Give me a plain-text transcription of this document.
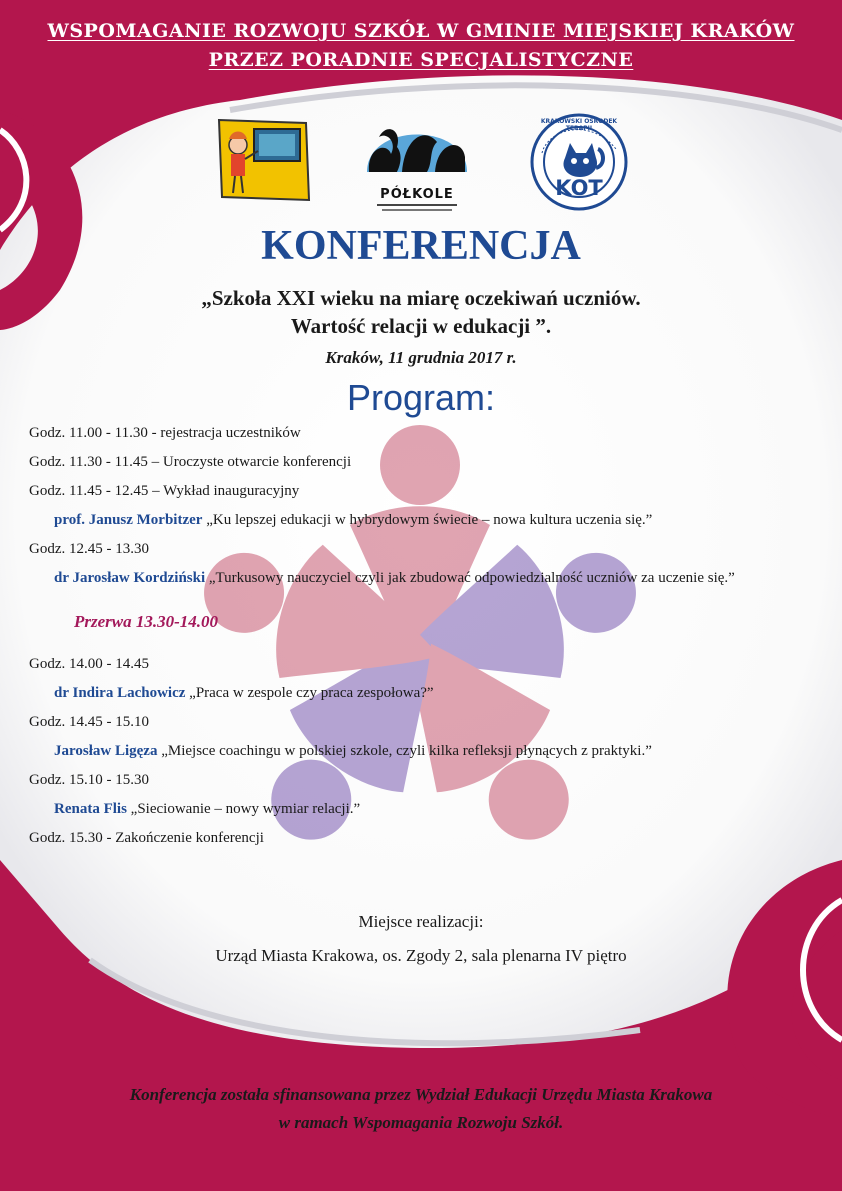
WSPOMAGANIE ROZWOJU SZKÓŁ W GMINIE MIEJSKIEJ KRAKÓW
PRZEZ PORADNIE SPECJALISTYCZNE
PÓŁKOLE	KOT
KRAKOWSKI OŚRODEK TERAPII
KONFERENCJA
„Szkoła XXI wieku na miarę oczekiwań uczniów.
Wartość relacji w edukacji ”.
Kraków, 11 grudnia 2017 r.
Program:
Godz. 11.00 - 11.30 - rejestracja uczestników
Godz. 11.30 - 11.45 – Uroczyste otwarcie konferencji
Godz. 11.45 - 12.45 – Wykład inauguracyjny
prof. Janusz Morbitzer „Ku lepszej edukacji w hybrydowym świecie – nowa kultura uczenia się.”
Godz. 12.45 - 13.30
dr Jarosław Kordziński „Turkusowy nauczyciel czyli jak zbudować odpowiedzialność uczniów za uczenie się.”
Przerwa 13.30-14.00
Godz. 14.00 - 14.45
dr Indira Lachowicz „Praca w zespole czy praca zespołowa?”
Godz. 14.45 - 15.10
Jarosław Ligęza „Miejsce coachingu w polskiej szkole, czyli kilka refleksji płynących z praktyki.”
Godz. 15.10 - 15.30
Renata Flis „Sieciowanie – nowy wymiar relacji.”
Godz. 15.30 - Zakończenie konferencji
Miejsce realizacji:
Urząd Miasta Krakowa, os. Zgody 2, sala plenarna IV piętro
Konferencja została sfinansowana przez Wydział Edukacji Urzędu Miasta Krakowa
w ramach Wspomagania Rozwoju Szkół.
